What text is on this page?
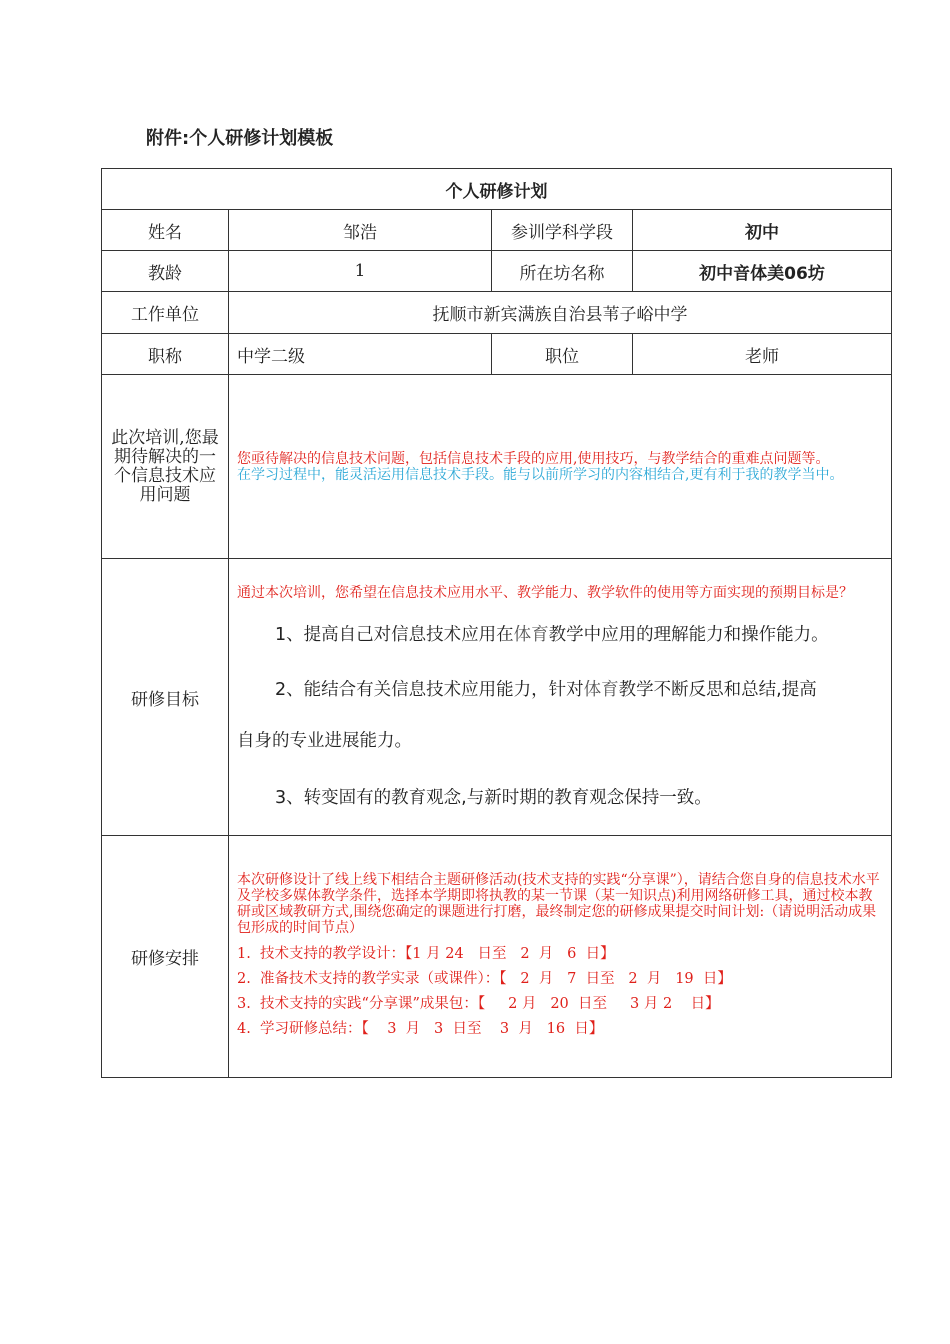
附件:个人研修计划模板
个人研修计划			
姓名	邹浩	参训学科学段	初中
教龄	1	所在坊名称	初中音体美06坊
工作单位	抚顺市新宾满族自治县苇子峪中学		
职称	中学二级	职位	老师
此次培训,您最期待解决的一个信息技术应用问题	您亟待解决的信息技术问题，包括信息技术手段的应用,使用技巧，与教学结合的重难点问题等。
在学习过程中，能灵活运用信息技术手段。能与以前所学习的内容相结合,更有利于我的教学当中。		

研修目标	通过本次培训，您希望在信息技术应用水平、教学能力、教学软件的使用等方面实现的预期目标是？
1、提高自己对信息技术应用在体育教学中应用的理解能力和操作能力。
2、能结合有关信息技术应用能力，针对体育教学不断反思和总结,提高
自身的专业进展能力。
3、转变固有的教育观念,与新时期的教育观念保持一致。		

研修安排	本次研修设计了线上线下相结合主题研修活动(技术支持的实践“分享课”），请结合您自身的信息技术水平及学校多媒体教学条件，选择本学期即将执教的某一节课（某一知识点)利用网络研修工具，通过校本教研或区域教研方式,围绕您确定的课题进行打磨，最终制定您的研修成果提交时间计划:（请说明活动成果包形成的时间节点）
1.  技术支持的教学设计：【1 月 24   日至   2  月   6  日】
2.  准备技术支持的教学实录（或课件）：【   2  月   7  日至   2  月   19  日】
3.  技术支持的实践“分享课”成果包：【     2 月   20  日至     3 月 2    日】
4.  学习研修总结：【    3  月   3  日至    3  月   16  日】		
